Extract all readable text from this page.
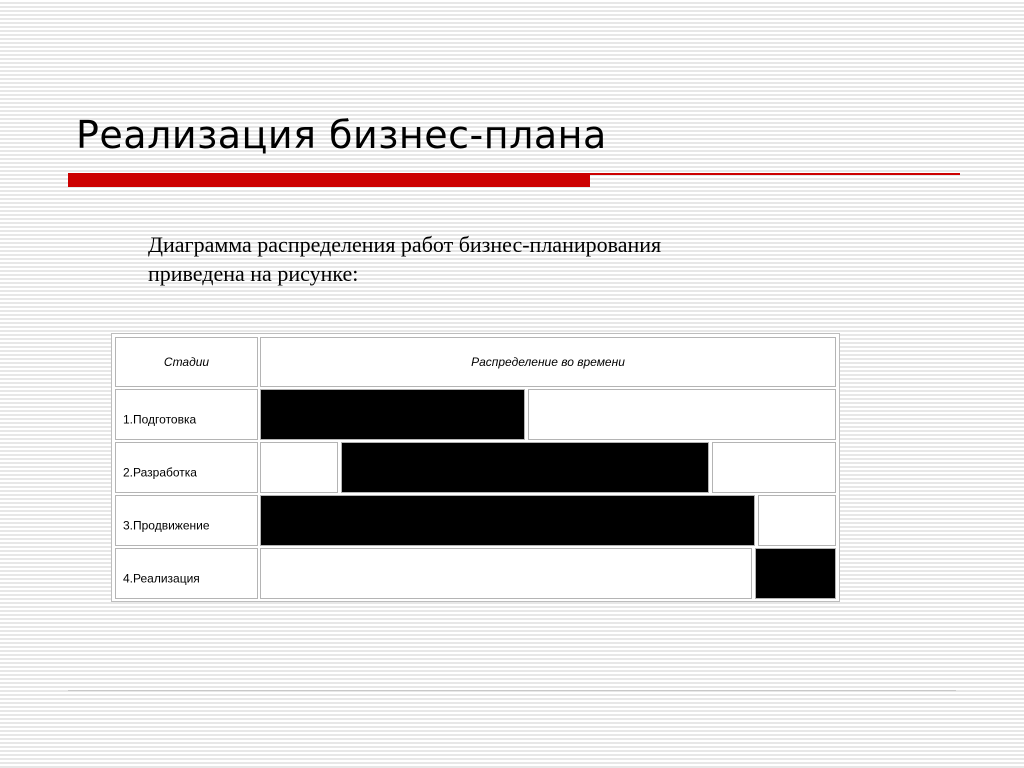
Реализация бизнес-плана

Диаграмма распределения работ бизнес-планирования
приведена на рисунке:

Стадии	Распределение во времени
1.Подготовка
2.Разработка
3.Продвижение
4.Реализация
